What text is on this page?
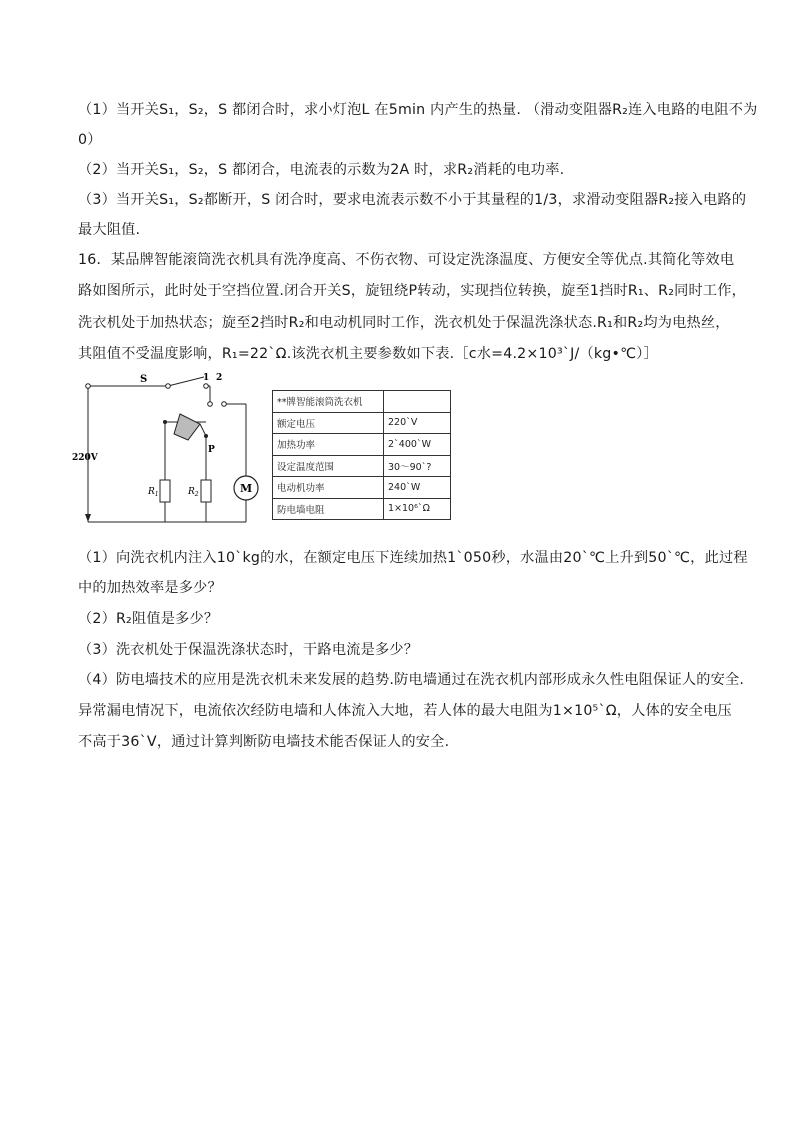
（1）当开关S₁，S₂，S 都闭合时，求小灯泡L 在5min 内产生的热量. （滑动变阻器R₂连入电路的电阻不为
0）
（2）当开关S₁，S₂，S 都闭合，电流表的示数为2A 时，求R₂消耗的电功率.
（3）当开关S₁，S₂都断开，S 闭合时，要求电流表示数不小于其量程的1/3，求滑动变阻器R₂接入电路的
最大阻值.
16．某品牌智能滚筒洗衣机具有洗净度高、不伤衣物、可设定洗涤温度、方便安全等优点.其简化等效电
路如图所示，此时处于空挡位置.闭合开关S，旋钮绕P转动，实现挡位转换，旋至1挡时R₁、R₂同时工作，
洗衣机处于加热状态；旋至2挡时R₂和电动机同时工作，洗衣机处于保温洗涤状态.R₁和R₂均为电热丝，
其阻值不受温度影响，R₁=22`Ω.该洗衣机主要参数如下表.［c水=4.2×10³`J/（kg•℃）］
S
220V
1 2
P
$R_1$	$R_2$	M
**牌智能滚筒洗衣机	
额定电压	220`V
加热功率	2`400`W
设定温度范围	30～90`?
电动机功率	240`W
防电墙电阻	1×10⁶`Ω
（1）向洗衣机内注入10`kg的水，在额定电压下连续加热1`050秒，水温由20`℃上升到50`℃，此过程
中的加热效率是多少？
（2）R₂阻值是多少？
（3）洗衣机处于保温洗涤状态时，干路电流是多少？
（4）防电墙技术的应用是洗衣机未来发展的趋势.防电墙通过在洗衣机内部形成永久性电阻保证人的安全.
异常漏电情况下，电流依次经防电墙和人体流入大地，若人体的最大电阻为1×10⁵`Ω，人体的安全电压
不高于36`V，通过计算判断防电墙技术能否保证人的安全.
